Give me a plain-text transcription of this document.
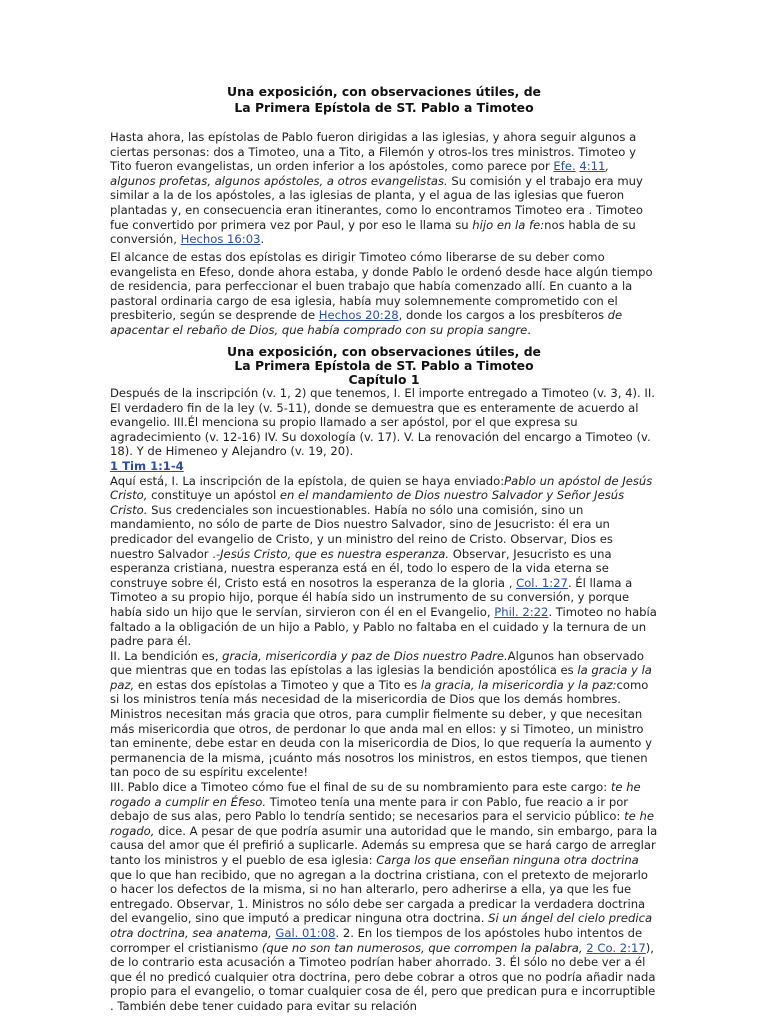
Una exposición, con observaciones útiles, de
La Primera Epístola de ST. Pablo a Timoteo

Hasta ahora, las epístolas de Pablo fueron dirigidas a las iglesias, y ahora seguir algunos a ciertas personas: dos a Timoteo, una a Tito, a Filemón y otros-los tres ministros. Timoteo y Tito fueron evangelistas, un orden inferior a los apóstoles, como parece por Efe. 4:11, algunos profetas, algunos apóstoles, a otros evangelistas. Su comisión y el trabajo era muy similar a la de los apóstoles, a las iglesias de planta, y el agua de las iglesias que fueron plantadas y, en consecuencia eran itinerantes, como lo encontramos Timoteo era . Timoteo fue convertido por primera vez por Paul, y por eso le llama su hijo en la fe:nos habla de su conversión, Hechos 16:03.

El alcance de estas dos epístolas es dirigir Timoteo cómo liberarse de su deber como evangelista en Efeso, donde ahora estaba, y donde Pablo le ordenó desde hace algún tiempo de residencia, para perfeccionar el buen trabajo que había comenzado allí. En cuanto a la pastoral ordinaria cargo de esa iglesia, había muy solemnemente comprometido con el presbiterio, según se desprende de Hechos 20:28, donde los cargos a los presbíteros de apacentar el rebaño de Dios, que había comprado con su propia sangre.

Una exposición, con observaciones útiles, de
La Primera Epístola de ST. Pablo a Timoteo
Capítulo 1

Después de la inscripción (v. 1, 2) que tenemos, I. El importe entregado a Timoteo (v. 3, 4). II. El verdadero fin de la ley (v. 5-11), donde se demuestra que es enteramente de acuerdo al evangelio. III.Él menciona su propio llamado a ser apóstol, por el que expresa su agradecimiento (v. 12-16) IV. Su doxología (v. 17). V. La renovación del encargo a Timoteo (v. 18). Y de Himeneo y Alejandro (v. 19, 20).

1 Tim 1:1-4

Aquí está, I. La inscripción de la epístola, de quien se haya enviado:Pablo un apóstol de Jesús Cristo, constituye un apóstol en el mandamiento de Dios nuestro Salvador y Señor Jesús Cristo. Sus credenciales son incuestionables. Había no sólo una comisión, sino un mandamiento, no sólo de parte de Dios nuestro Salvador, sino de Jesucristo: él era un predicador del evangelio de Cristo, y un ministro del reino de Cristo. Observar, Dios es nuestro Salvador .-Jesús Cristo, que es nuestra esperanza. Observar, Jesucristo es una esperanza cristiana, nuestra esperanza está en él, todo lo espero de la vida eterna se construye sobre él, Cristo está en nosotros la esperanza de la gloria , Col. 1:27. Él llama a Timoteo a su propio hijo, porque él había sido un instrumento de su conversión, y porque había sido un hijo que le servían, sirvieron con él en el Evangelio, Phil. 2:22. Timoteo no había faltado a la obligación de un hijo a Pablo, y Pablo no faltaba en el cuidado y la ternura de un padre para él.

II. La bendición es, gracia, misericordia y paz de Dios nuestro Padre.Algunos han observado que mientras que en todas las epístolas a las iglesias la bendición apostólica es la gracia y la paz, en estas dos epístolas a Timoteo y que a Tito es la gracia, la misericordia y la paz:como si los ministros tenía más necesidad de la misericordia de Dios que los demás hombres. Ministros necesitan más gracia que otros, para cumplir fielmente su deber, y que necesitan más misericordia que otros, de perdonar lo que anda mal en ellos: y si Timoteo, un ministro tan eminente, debe estar en deuda con la misericordia de Dios, lo que requería la aumento y permanencia de la misma, ¡cuánto más nosotros los ministros, en estos tiempos, que tienen tan poco de su espíritu excelente!

III. Pablo dice a Timoteo cómo fue el final de su de su nombramiento para este cargo: te he rogado a cumplir en Éfeso. Timoteo tenía una mente para ir con Pablo, fue reacio a ir por debajo de sus alas, pero Pablo lo tendría sentido; se necesarios para el servicio público: te he rogado, dice. A pesar de que podría asumir una autoridad que le mando, sin embargo, para la causa del amor que él prefirió a suplicarle. Además su empresa que se hará cargo de arreglar tanto los ministros y el pueblo de esa iglesia: Carga los que enseñan ninguna otra doctrina que lo que han recibido, que no agregan a la doctrina cristiana, con el pretexto de mejorarlo o hacer los defectos de la misma, si no han alterarlo, pero adherirse a ella, ya que les fue entregado. Observar, 1. Ministros no sólo debe ser cargada a predicar la verdadera doctrina del evangelio, sino que imputó a predicar ninguna otra doctrina. Si un ángel del cielo predica otra doctrina, sea anatema, Gal. 01:08. 2. En los tiempos de los apóstoles hubo intentos de corromper el cristianismo (que no son tan numerosos, que corrompen la palabra, 2 Co. 2:17), de lo contrario esta acusación a Timoteo podrían haber ahorrado. 3. Él sólo no debe ver a él que él no predicó cualquier otra doctrina, pero debe cobrar a otros que no podría añadir nada propio para el evangelio, o tomar cualquier cosa de él, pero que predican pura e incorruptible . También debe tener cuidado para evitar su relación
